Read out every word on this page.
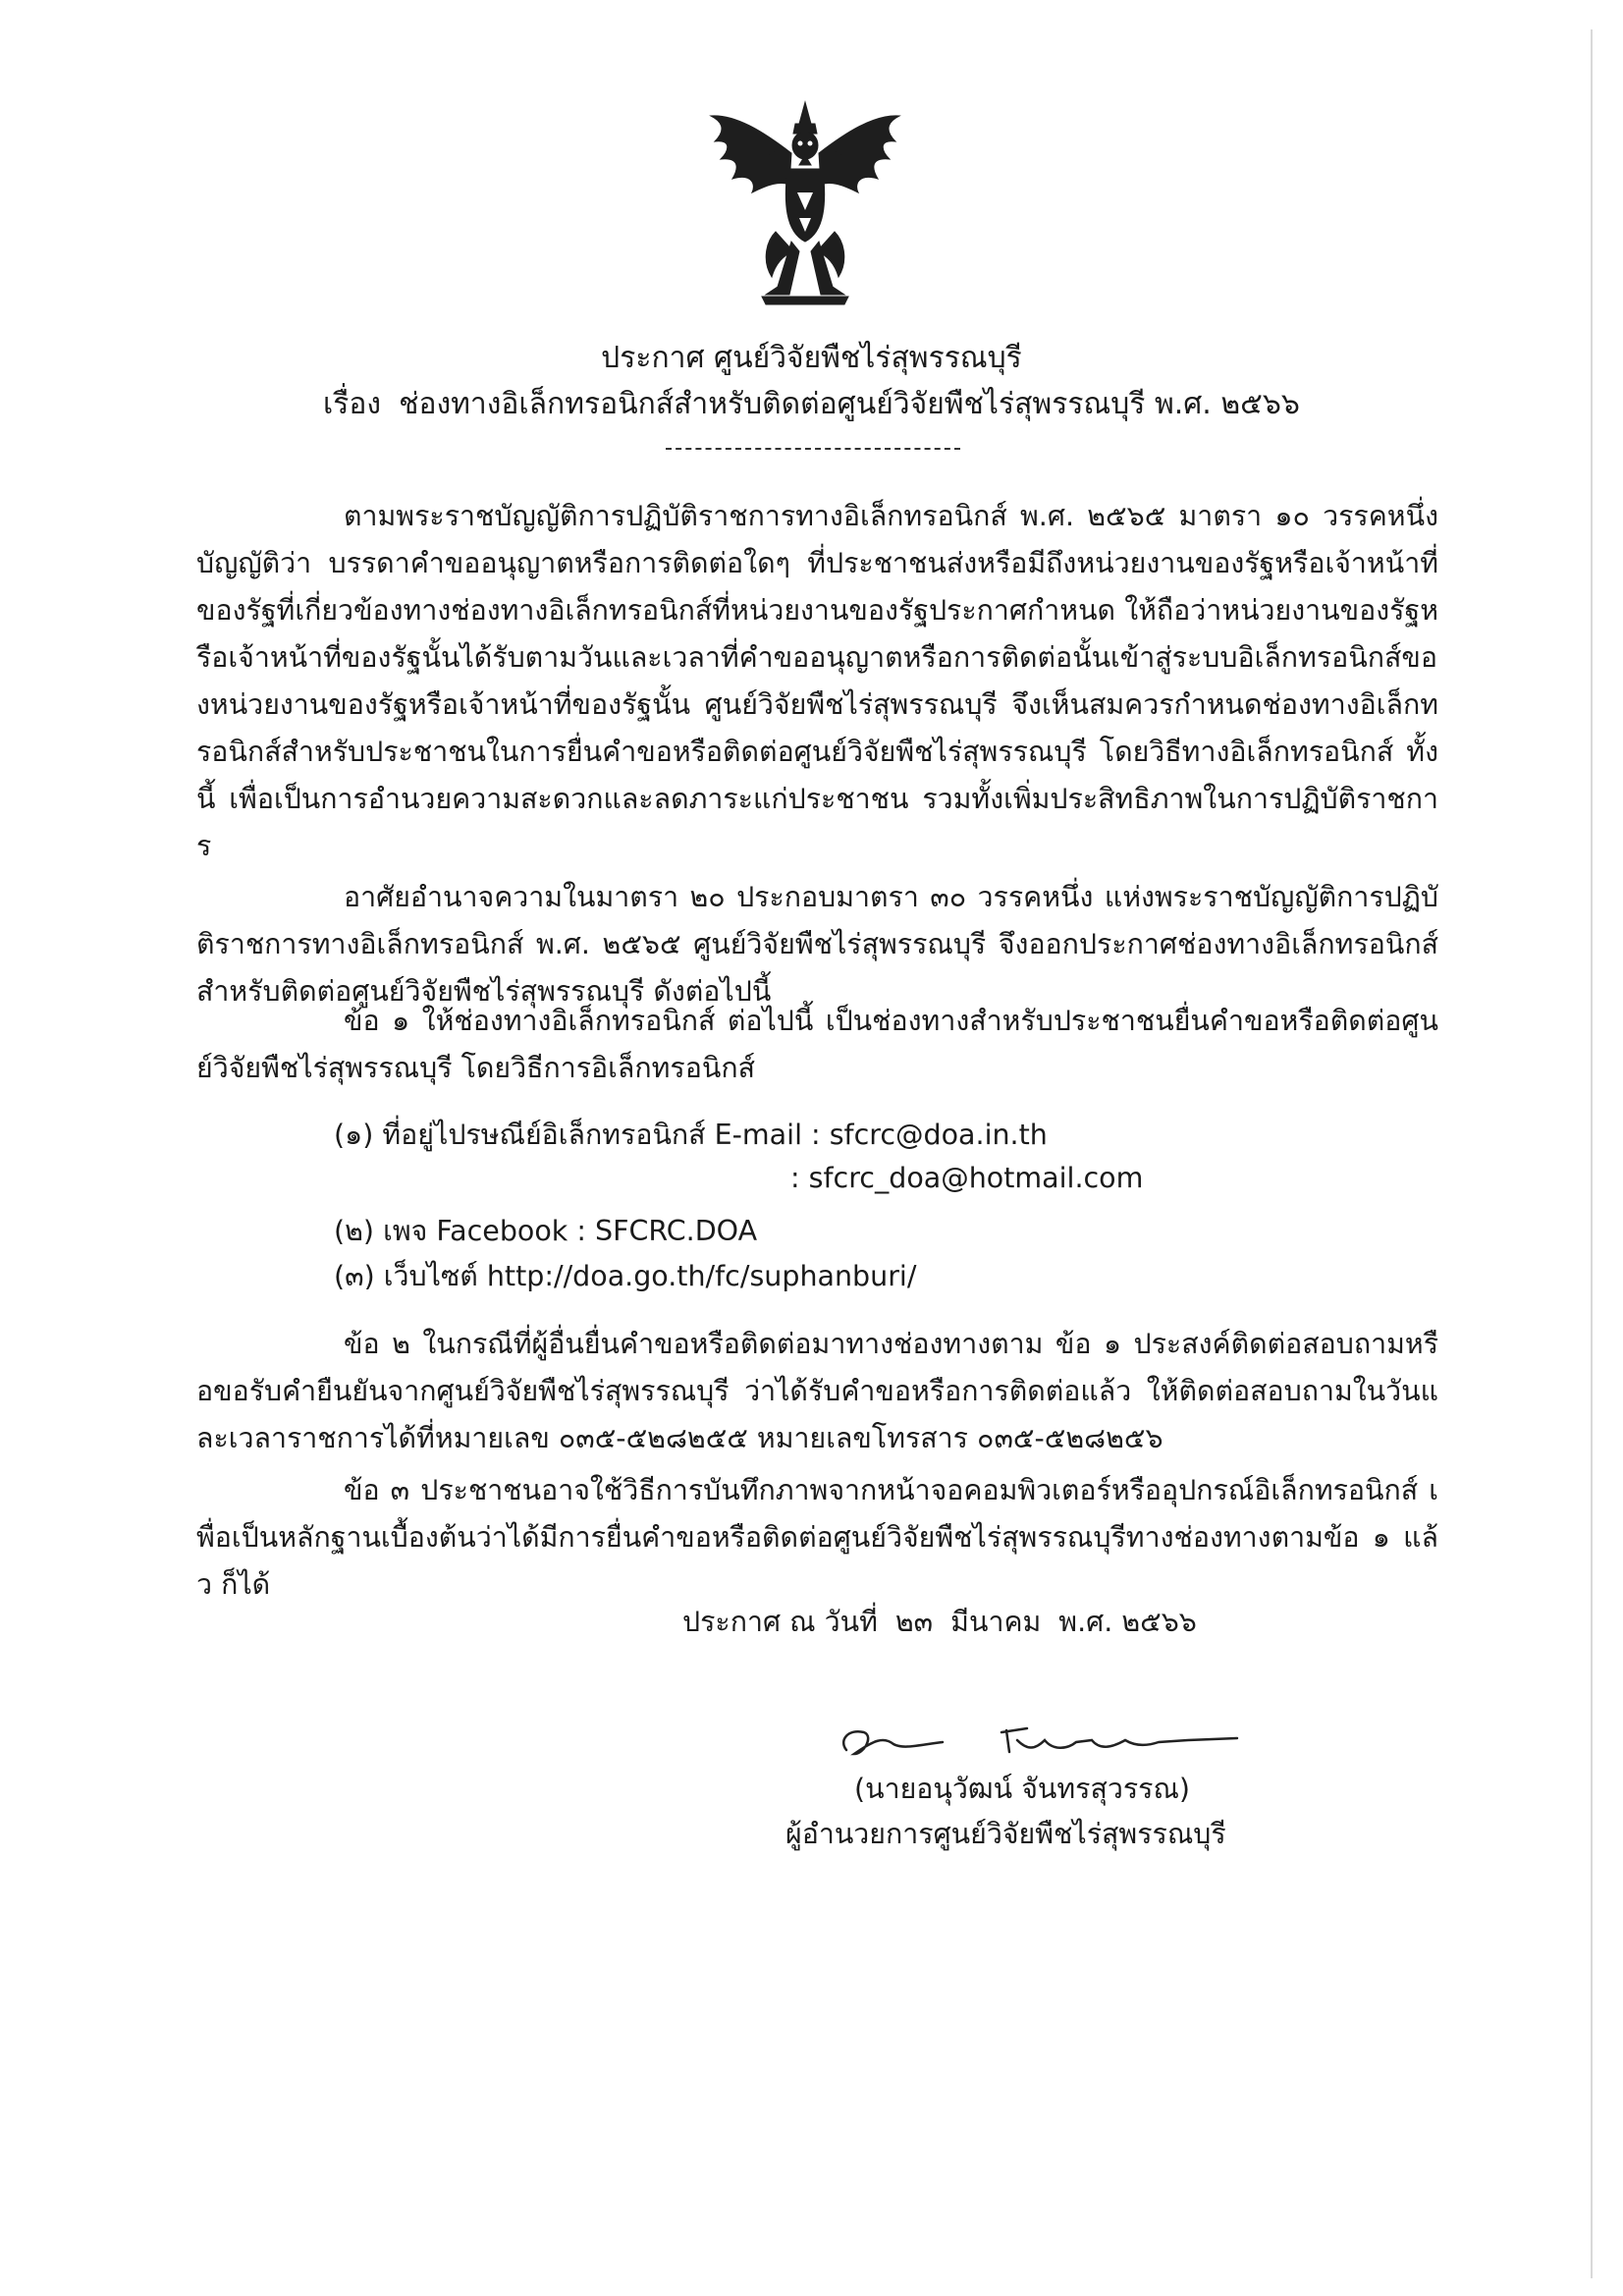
ประกาศ ศูนย์วิจัยพืชไร่สุพรรณบุรี
เรื่อง ช่องทางอิเล็กทรอนิกส์สำหรับติดต่อศูนย์วิจัยพืชไร่สุพรรณบุรี พ.ศ. ๒๕๖๖

ตามพระราชบัญญัติการปฏิบัติราชการทางอิเล็กทรอนิกส์ พ.ศ. ๒๕๖๕ มาตรา ๑๐ วรรคหนึ่ง บัญญัติว่า บรรดาคำขออนุญาตหรือการติดต่อใดๆ ที่ประชาชนส่งหรือมีถึงหน่วยงานของรัฐหรือเจ้าหน้าที่ของรัฐที่เกี่ยวข้องทางช่องทางอิเล็กทรอนิกส์ที่หน่วยงานของรัฐประกาศกำหนด ให้ถือว่าหน่วยงานของรัฐหรือเจ้าหน้าที่ของรัฐนั้นได้รับตามวันและเวลาที่คำขออนุญาตหรือการติดต่อนั้นเข้าสู่ระบบอิเล็กทรอนิกส์ของหน่วยงานของรัฐหรือเจ้าหน้าที่ของรัฐนั้น ศูนย์วิจัยพืชไร่สุพรรณบุรี จึงเห็นสมควรกำหนดช่องทางอิเล็กทรอนิกส์สำหรับประชาชนในการยื่นคำขอหรือติดต่อศูนย์วิจัยพืชไร่สุพรรณบุรี โดยวิธีทางอิเล็กทรอนิกส์ ทั้งนี้ เพื่อเป็นการอำนวยความสะดวกและลดภาระแก่ประชาชน รวมทั้งเพิ่มประสิทธิภาพในการปฏิบัติราชการ

อาศัยอำนาจความในมาตรา ๒๐ ประกอบมาตรา ๓๐ วรรคหนึ่ง แห่งพระราชบัญญัติการปฏิบัติราชการทางอิเล็กทรอนิกส์ พ.ศ. ๒๕๖๕ ศูนย์วิจัยพืชไร่สุพรรณบุรี จึงออกประกาศช่องทางอิเล็กทรอนิกส์สำหรับติดต่อศูนย์วิจัยพืชไร่สุพรรณบุรี ดังต่อไปนี้

ข้อ ๑ ให้ช่องทางอิเล็กทรอนิกส์ ต่อไปนี้ เป็นช่องทางสำหรับประชาชนยื่นคำขอหรือติดต่อศูนย์วิจัยพืชไร่สุพรรณบุรี โดยวิธีการอิเล็กทรอนิกส์

(๑) ที่อยู่ไปรษณีย์อิเล็กทรอนิกส์ E-mail : sfcrc@doa.in.th
: sfcrc_doa@hotmail.com
(๒) เพจ Facebook : SFCRC.DOA
(๓) เว็บไซต์ http://doa.go.th/fc/suphanburi/

ข้อ ๒ ในกรณีที่ผู้อื่นยื่นคำขอหรือติดต่อมาทางช่องทางตาม ข้อ ๑ ประสงค์ติดต่อสอบถามหรือขอรับคำยืนยันจากศูนย์วิจัยพืชไร่สุพรรณบุรี ว่าได้รับคำขอหรือการติดต่อแล้ว ให้ติดต่อสอบถามในวันและเวลาราชการได้ที่หมายเลข ๐๓๕-๕๒๘๒๕๕ หมายเลขโทรสาร ๐๓๕-๕๒๘๒๕๖

ข้อ ๓ ประชาชนอาจใช้วิธีการบันทึกภาพจากหน้าจอคอมพิวเตอร์หรืออุปกรณ์อิเล็กทรอนิกส์ เพื่อเป็นหลักฐานเบื้องต้นว่าได้มีการยื่นคำขอหรือติดต่อศูนย์วิจัยพืชไร่สุพรรณบุรีทางช่องทางตามข้อ ๑ แล้ว ก็ได้

ประกาศ ณ วันที่ ๒๓ มีนาคม พ.ศ. ๒๕๖๖
(นายอนุวัฒน์ จันทรสุวรรณ)
ผู้อำนวยการศูนย์วิจัยพืชไร่สุพรรณบุรี
